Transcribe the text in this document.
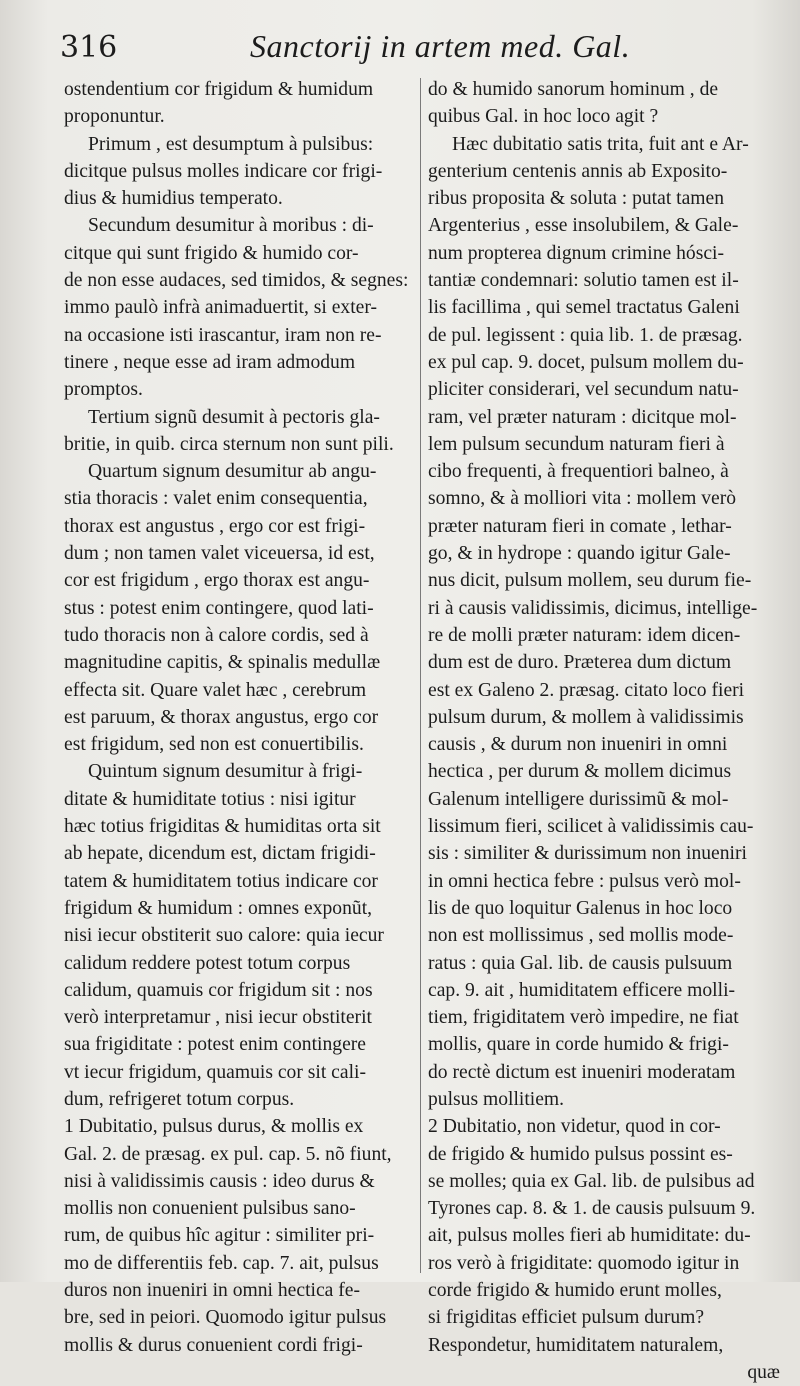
316	Sanctorij in artem med. Gal.
ostendentium cor frigidum & humidum
proponuntur.
Primum , est desumptum à pulsibus:
dicitque pulsus molles indicare cor frigi-
dius & humidius temperato.
Secundum desumitur à moribus : di-
citque qui sunt frigido & humido cor-
de non esse audaces, sed timidos, & segnes:
immo paulò infrà animaduertit, si exter-
na occasione isti irascantur, iram non re-
tinere , neque esse ad iram admodum
promptos.
Tertium signũ desumit à pectoris gla-
britie, in quib. circa sternum non sunt pili.
Quartum signum desumitur ab angu-
stia thoracis : valet enim consequentia,
thorax est angustus , ergo cor est frigi-
dum ; non tamen valet viceuersa, id est,
cor est frigidum , ergo thorax est angu-
stus : potest enim contingere, quod lati-
tudo thoracis non à calore cordis, sed à
magnitudine capitis, & spinalis medullæ
effecta sit. Quare valet hæc , cerebrum
est paruum, & thorax angustus, ergo cor
est frigidum, sed non est conuertibilis.
Quintum signum desumitur à frigi-
ditate & humiditate totius : nisi igitur
hæc totius frigiditas & humiditas orta sit
ab hepate, dicendum est, dictam frigidi-
tatem & humiditatem totius indicare cor
frigidum & humidum : omnes exponũt,
nisi iecur obstiterit suo calore: quia iecur
calidum reddere potest totum corpus
calidum, quamuis cor frigidum sit : nos
verò interpretamur , nisi iecur obstiterit
sua frigiditate : potest enim contingere
vt iecur frigidum, quamuis cor sit cali-
dum, refrigeret totum corpus.
1 Dubitatio, pulsus durus, & mollis ex
Gal. 2. de præsag. ex pul. cap. 5. nõ fiunt,
nisi à validissimis causis : ideo durus &
mollis non conuenient pulsibus sano-
rum, de quibus hîc agitur : similiter pri-
mo de differentiis feb. cap. 7. ait, pulsus
duros non inueniri in omni hectica fe-
bre, sed in peiori. Quomodo igitur pulsus
mollis & durus conuenient cordi frigi-
do & humido sanorum hominum , de
quibus Gal. in hoc loco agit ?
Hæc dubitatio satis trita, fuit ant e Ar-
genterium centenis annis ab Exposito-
ribus proposita & soluta : putat tamen
Argenterius , esse insolubilem, & Gale-
num propterea dignum crimine hósci-
tantiæ condemnari: solutio tamen est il-
lis facillima , qui semel tractatus Galeni
de pul. legissent : quia lib. 1. de præsag.
ex pul cap. 9. docet, pulsum mollem du-
pliciter considerari, vel secundum natu-
ram, vel præter naturam : dicitque mol-
lem pulsum secundum naturam fieri à
cibo frequenti, à frequentiori balneo, à
somno, & à molliori vita : mollem verò
præter naturam fieri in comate , lethar-
go, & in hydrope : quando igitur Gale-
nus dicit, pulsum mollem, seu durum fie-
ri à causis validissimis, dicimus, intellige-
re de molli præter naturam: idem dicen-
dum est de duro. Præterea dum dictum
est ex Galeno 2. præsag. citato loco fieri
pulsum durum, & mollem à validissimis
causis , & durum non inueniri in omni
hectica , per durum & mollem dicimus
Galenum intelligere durissimũ & mol-
lissimum fieri, scilicet à validissimis cau-
sis : similiter & durissimum non inueniri
in omni hectica febre : pulsus verò mol-
lis de quo loquitur Galenus in hoc loco
non est mollissimus , sed mollis mode-
ratus : quia Gal. lib. de causis pulsuum
cap. 9. ait , humiditatem efficere molli-
tiem, frigiditatem verò impedire, ne fiat
mollis, quare in corde humido & frigi-
do rectè dictum est inueniri moderatam
pulsus mollitiem.
2 Dubitatio, non videtur, quod in cor-
de frigido & humido pulsus possint es-
se molles; quia ex Gal. lib. de pulsibus ad
Tyrones cap. 8. & 1. de causis pulsuum 9.
ait, pulsus molles fieri ab humiditate: du-
ros verò à frigiditate: quomodo igitur in
corde frigido & humido erunt molles,
si frigiditas efficiet pulsum durum?
Respondetur, humiditatem naturalem,
quæ
